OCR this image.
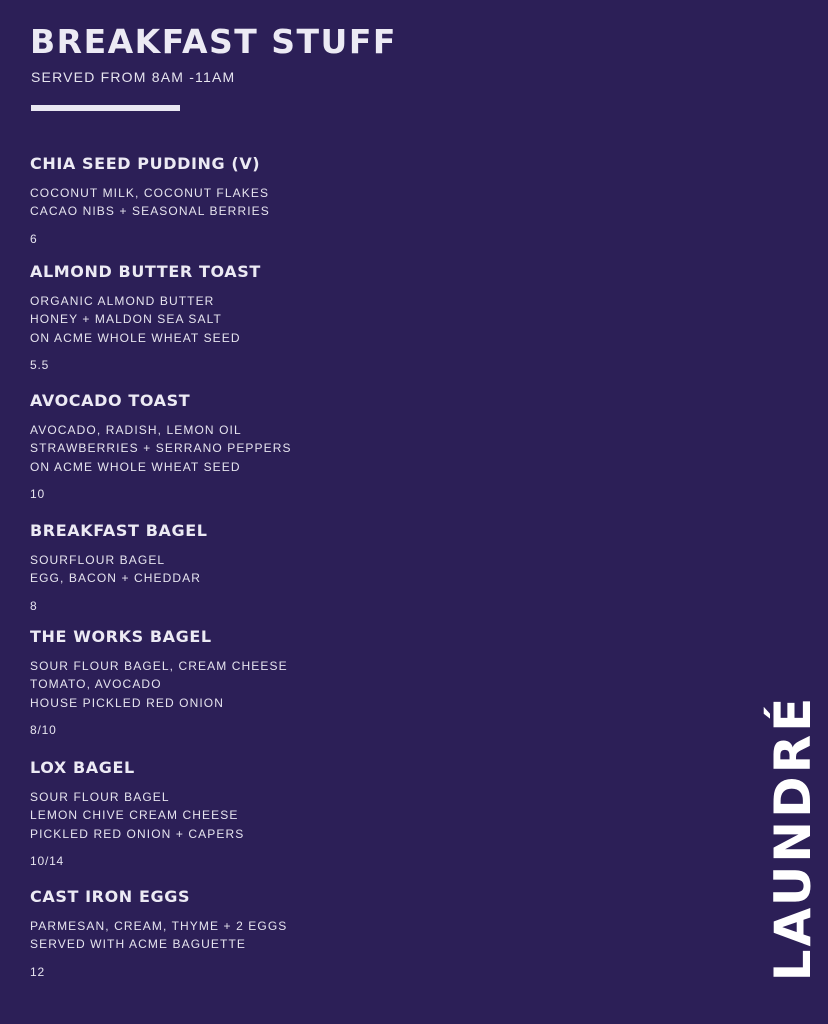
BREAKFAST STUFF

SERVED FROM 8AM -11AM

CHIA SEED PUDDING (V)
COCONUT MILK, COCONUT FLAKES
CACAO NIBS + SEASONAL BERRIES

6

ALMOND BUTTER TOAST
ORGANIC ALMOND BUTTER
HONEY + MALDON SEA SALT
ON ACME WHOLE WHEAT SEED

5.5

AVOCADO TOAST
AVOCADO, RADISH, LEMON OIL
STRAWBERRIES + SERRANO PEPPERS
ON ACME WHOLE WHEAT SEED

10

BREAKFAST BAGEL
SOURFLOUR BAGEL
EGG, BACON + CHEDDAR

8

THE WORKS BAGEL
SOUR FLOUR BAGEL, CREAM CHEESE
TOMATO, AVOCADO
HOUSE PICKLED RED ONION

8/10

LOX BAGEL
SOUR FLOUR BAGEL
LEMON CHIVE CREAM CHEESE
PICKLED RED ONION + CAPERS

10/14

CAST IRON EGGS
PARMESAN, CREAM, THYME + 2 EGGS
SERVED WITH ACME BAGUETTE

12	LAUNDRÉ
